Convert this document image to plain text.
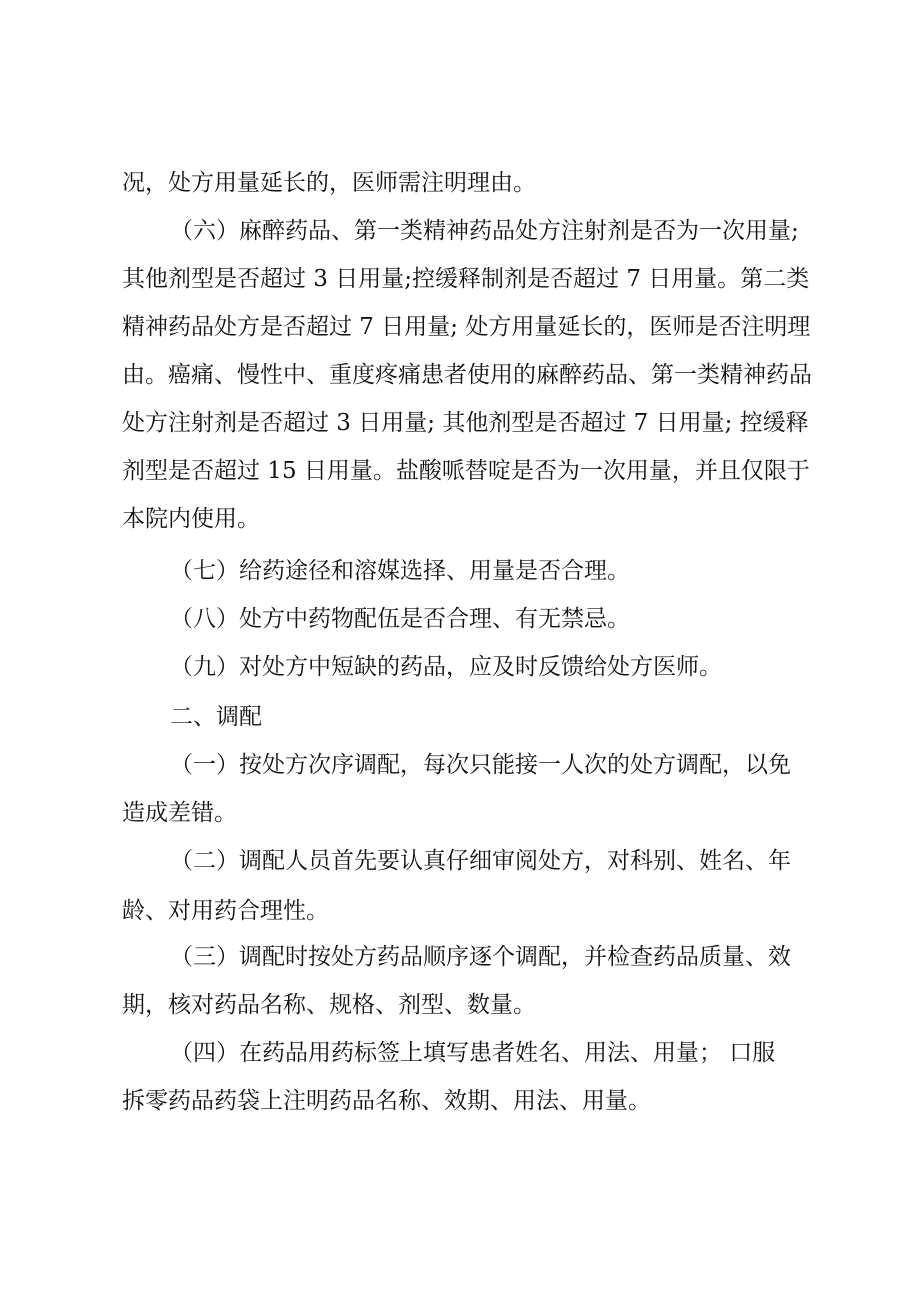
况，处方用量延长的，医师需注明理由。
（六）麻醉药品、第一类精神药品处方注射剂是否为一次用量;
其他剂型是否超过 3 日用量;控缓释制剂是否超过 7 日用量。第二类
精神药品处方是否超过 7 日用量; 处方用量延长的，医师是否注明理
由。癌痛、慢性中、重度疼痛患者使用的麻醉药品、第一类精神药品
处方注射剂是否超过 3 日用量; 其他剂型是否超过 7 日用量; 控缓释
剂型是否超过 15 日用量。盐酸哌替啶是否为一次用量，并且仅限于
本院内使用。
（七）给药途径和溶媒选择、用量是否合理。
（八）处方中药物配伍是否合理、有无禁忌。
（九）对处方中短缺的药品，应及时反馈给处方医师。
二、调配
（一）按处方次序调配，每次只能接一人次的处方调配，以免
造成差错。
（二）调配人员首先要认真仔细审阅处方，对科别、姓名、年
龄、对用药合理性。
（三）调配时按处方药品顺序逐个调配，并检查药品质量、效
期，核对药品名称、规格、剂型、数量。
（四）在药品用药标签上填写患者姓名、用法、用量； 口服
拆零药品药袋上注明药品名称、效期、用法、用量。
